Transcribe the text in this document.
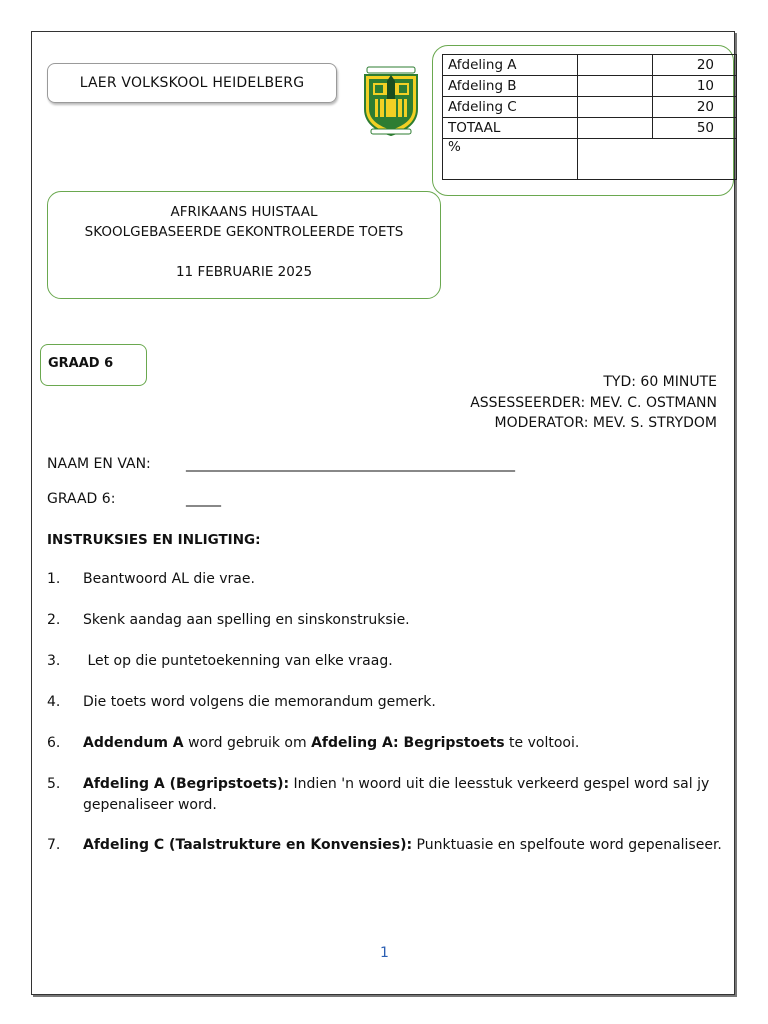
LAER VOLKSKOOL HEIDELBERG
Afdeling A		20
Afdeling B		10
Afdeling C		20
TOTAAL		50
%		
AFRIKAANS HUISTAAL
SKOOLGEBASEERDE GEKONTROLEERDE TOETS
11 FEBRUARIE 2025
GRAAD 6
TYD: 60 MINUTE
ASSESSEERDER: MEV. C. OSTMANN
MODERATOR: MEV. S. STRYDOM
NAAM EN VAN:	_______________________________________________
GRAAD 6:	_____
INSTRUKSIES EN INLIGTING:
1. Beantwoord AL die vrae.
2. Skenk aandag aan spelling en sinskonstruksie.
3. Let op die puntetoekenning van elke vraag.
4. Die toets word volgens die memorandum gemerk.
6. Addendum A word gebruik om Afdeling A: Begripstoets te voltooi.
5. Afdeling A (Begripstoets): Indien 'n woord uit die leesstuk verkeerd gespel word sal jy gepenaliseer word.
7. Afdeling C (Taalstrukture en Konvensies): Punktuasie en spelfoute word gepenaliseer.
1
